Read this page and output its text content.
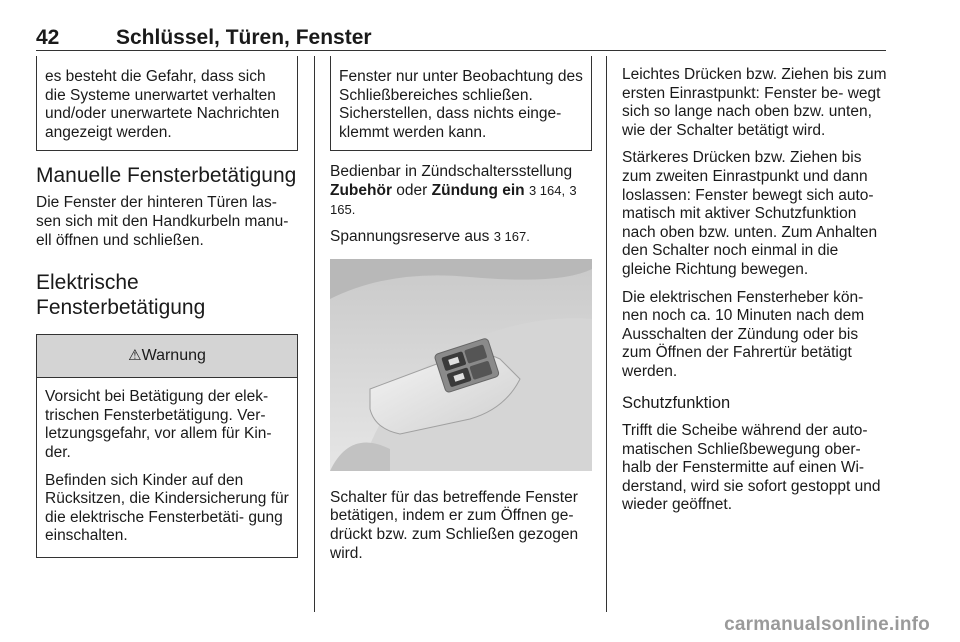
42	Schlüssel, Türen, Fenster
es besteht die Gefahr, dass sich die Systeme unerwartet verhalten und/oder unerwartete Nachrichten angezeigt werden.
Manuelle Fensterbetätigung

Die Fenster der hinteren Türen las- sen sich mit den Handkurbeln manu- ell öffnen und schließen.

Elektrische Fensterbetätigung
⚠Warnung

Vorsicht bei Betätigung der elek- trischen Fensterbetätigung. Ver- letzungsgefahr, vor allem für Kin- der.

Befinden sich Kinder auf den Rücksitzen, die Kindersicherung für die elektrische Fensterbetäti- gung einschalten.

Fenster nur unter Beobachtung des Schließbereiches schließen. Sicherstellen, dass nichts einge- klemmt werden kann.

Bedienbar in Zündschaltersstellung Zubehör oder Zündung ein 3 164, 3 165.

Spannungsreserve aus 3 167.

Schalter für das betreffende Fenster betätigen, indem er zum Öffnen ge- drückt bzw. zum Schließen gezogen wird.

Leichtes Drücken bzw. Ziehen bis zum ersten Einrastpunkt: Fenster be- wegt sich so lange nach oben bzw. unten, wie der Schalter betätigt wird.

Stärkeres Drücken bzw. Ziehen bis zum zweiten Einrastpunkt und dann loslassen: Fenster bewegt sich auto- matisch mit aktiver Schutzfunktion nach oben bzw. unten. Zum Anhalten den Schalter noch einmal in die gleiche Richtung bewegen.

Die elektrischen Fensterheber kön- nen noch ca. 10 Minuten nach dem Ausschalten der Zündung oder bis zum Öffnen der Fahrertür betätigt werden.

Schutzfunktion

Trifft die Scheibe während der auto- matischen Schließbewegung ober- halb der Fenstermitte auf einen Wi- derstand, wird sie sofort gestoppt und wieder geöffnet.

carmanualsonline.info
